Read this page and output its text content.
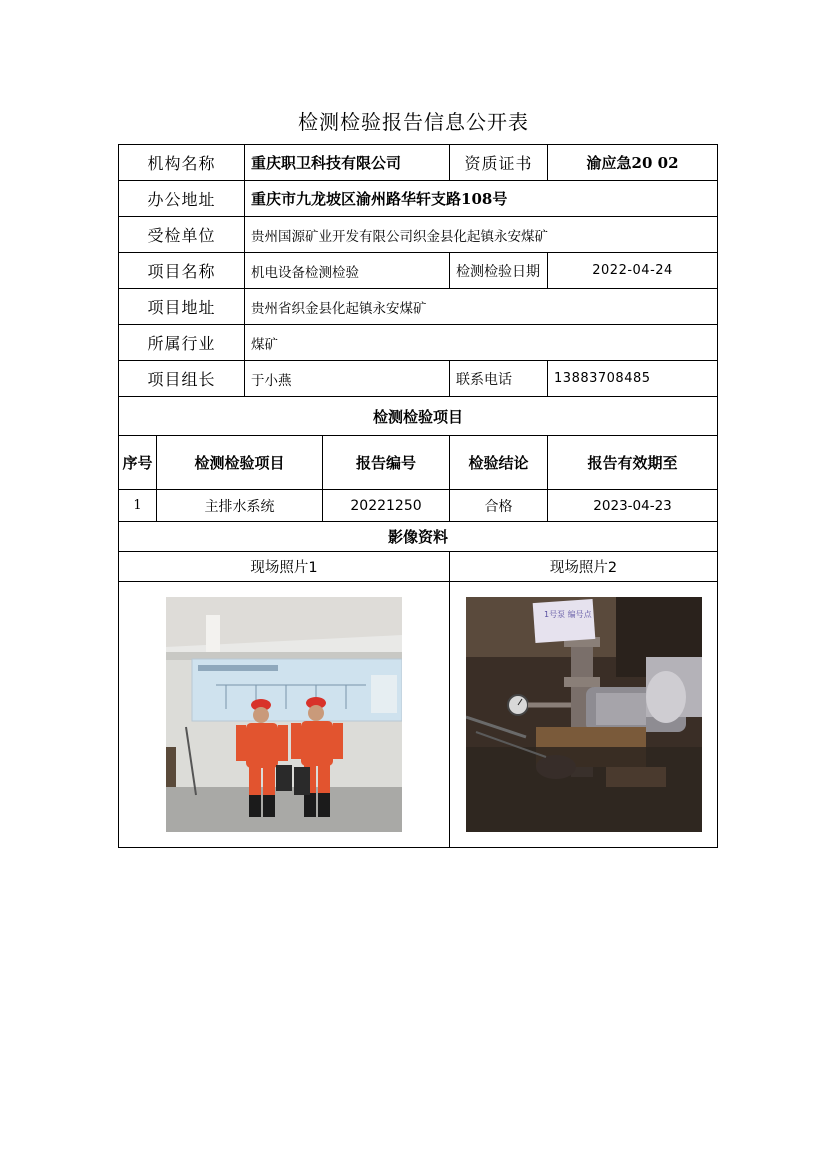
检测检验报告信息公开表
机构名称		重庆职卫科技有限公司		资质证书	渝应急20 02
办公地址		重庆市九龙坡区渝州路华轩支路108号			
受检单位		贵州国源矿业开发有限公司织金县化起镇永安煤矿			
项目名称		机电设备检测检验		检测检验日期	2022-04-24
项目地址		贵州省织金县化起镇永安煤矿			
所属行业		煤矿			
项目组长		于小燕		联系电话	13883708485
检测检验项目					
序号	检测检验项目		报告编号	检验结论	报告有效期至
1	主排水系统		20221250	合格	2023-04-23
影像资料					
现场照片1				现场照片2	

1号泵 编号点	
